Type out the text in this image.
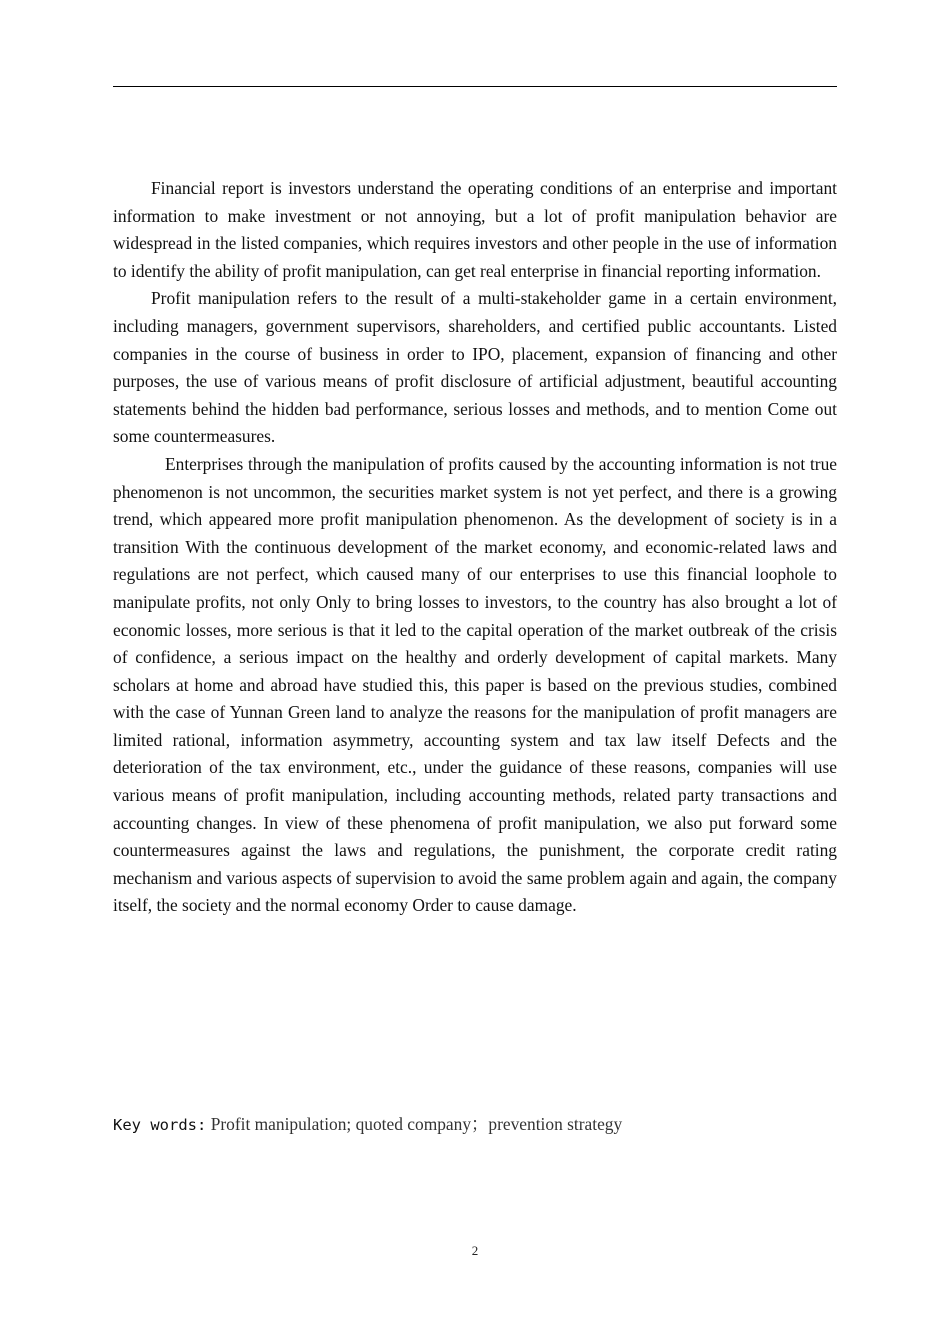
Financial report is investors understand the operating conditions of an enterprise and important information to make investment or not annoying, but a lot of profit manipulation behavior are widespread in the listed companies, which requires investors and other people in the use of information to identify the ability of profit manipulation, can get real enterprise in financial reporting information.

Profit manipulation refers to the result of a multi-stakeholder game in a certain environment, including managers, government supervisors, shareholders, and certified public accountants. Listed companies in the course of business in order to IPO, placement, expansion of financing and other purposes, the use of various means of profit disclosure of artificial adjustment, beautiful accounting statements behind the hidden bad performance, serious losses and methods, and to mention Come out some countermeasures.

Enterprises through the manipulation of profits caused by the accounting information is not true phenomenon is not uncommon, the securities market system is not yet perfect, and there is a growing trend, which appeared more profit manipulation phenomenon. As the development of society is in a transition With the continuous development of the market economy, and economic-related laws and regulations are not perfect, which caused many of our enterprises to use this financial loophole to manipulate profits, not only Only to bring losses to investors, to the country has also brought a lot of economic losses, more serious is that it led to the capital operation of the market outbreak of the crisis of confidence, a serious impact on the healthy and orderly development of capital markets. Many scholars at home and abroad have studied this, this paper is based on the previous studies, combined with the case of Yunnan Green land to analyze the reasons for the manipulation of profit managers are limited rational, information asymmetry, accounting system and tax law itself Defects and the deterioration of the tax environment, etc., under the guidance of these reasons, companies will use various means of profit manipulation, including accounting methods, related party transactions and accounting changes. In view of these phenomena of profit manipulation, we also put forward some countermeasures against the laws and regulations, the punishment, the corporate credit rating mechanism and various aspects of supervision to avoid the same problem again and again, the company itself, the society and the normal economy Order to cause damage.

Key words: Profit manipulation; quoted company；prevention strategy
2
